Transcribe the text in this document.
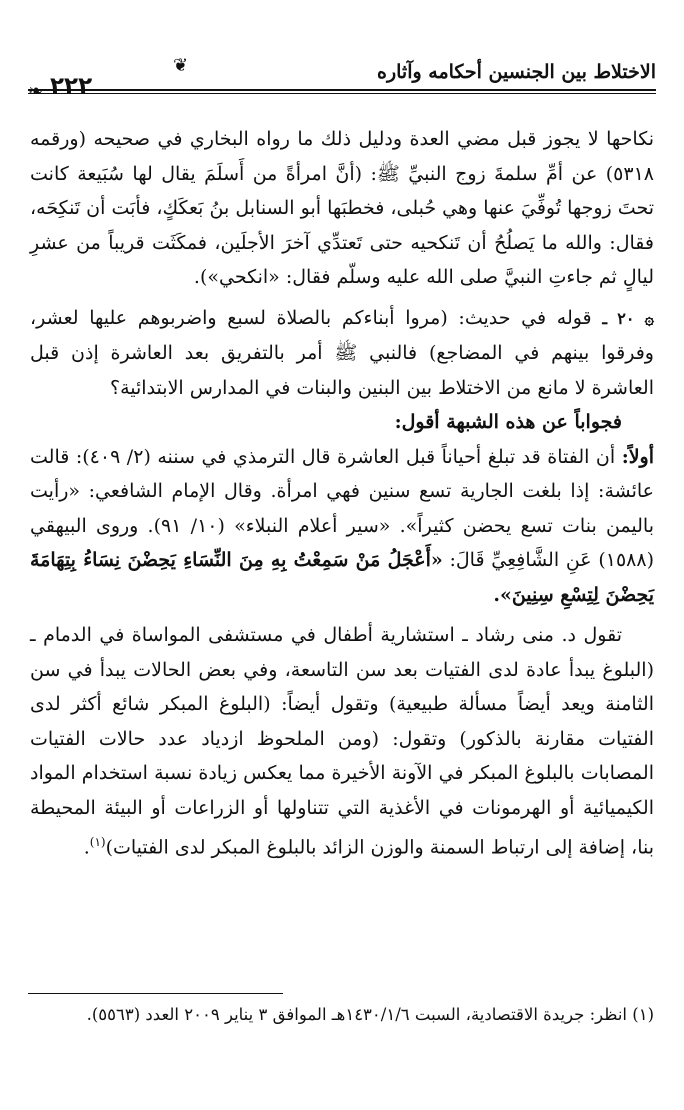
الاختلاط بين الجنسين أحكامه وآثاره
❦
٢٢٢
❧

نكاحها لا يجوز قبل مضي العدة ودليل ذلك ما رواه البخاري في صحيحه (ورقمه ٥٣١٨) عن أمِّ سلمةَ زوج النبيِّ ﷺ: (أنَّ امرأةً من أَسلَمَ يقال لها سُبَيعة كانت تحتَ زوجها تُوفِّيَ عنها وهي حُبلى، فخطبَها أبو السنابل بنُ بَعكَكٍ، فأبَت أن تَنكِحَه، فقال: والله ما يَصلُحُ أن تَنكحيه حتى تَعتدِّي آخرَ الأجلَين، فمكَثَت قريباً من عشرِ ليالٍ ثم جاءتِ النبيَّ صلى الله عليه وسلّم فقال: «انكحي»).

۞ ٢٠ ـ قوله في حديث: (مروا أبناءكم بالصلاة لسبع واضربوهم عليها لعشر، وفرقوا بينهم في المضاجع) فالنبي ﷺ أمر بالتفريق بعد العاشرة إذن قبل العاشرة لا مانع من الاختلاط بين البنين والبنات في المدارس الابتدائية؟

فجواباً عن هذه الشبهة أقول:

أولاً: أن الفتاة قد تبلغ أحياناً قبل العاشرة قال الترمذي في سننه (٢/ ٤٠٩): قالت عائشة: إذا بلغت الجارية تسع سنين فهي امرأة. وقال الإمام الشافعي: «رأيت باليمن بنات تسع يحضن كثيراً». «سير أعلام النبلاء» (١٠/ ٩١). وروى البيهقي (١٥٨٨) عَنِ الشَّافِعِيِّ قَالَ: «أَعْجَلُ مَنْ سَمِعْتُ بِهِ مِنَ النِّسَاءِ يَحِضْنَ نِسَاءُ بِتِهَامَةَ يَحِضْنَ لِتِسْعِ سِنِينَ».

تقول د. منى رشاد ـ استشارية أطفال في مستشفى المواساة في الدمام ـ (البلوغ يبدأ عادة لدى الفتيات بعد سن التاسعة، وفي بعض الحالات يبدأ في سن الثامنة ويعد أيضاً مسألة طبيعية) وتقول أيضاً: (البلوغ المبكر شائع أكثر لدى الفتيات مقارنة بالذكور) وتقول: (ومن الملحوظ ازدياد عدد حالات الفتيات المصابات بالبلوغ المبكر في الآونة الأخيرة مما يعكس زيادة نسبة استخدام المواد الكيميائية أو الهرمونات في الأغذية التي تتناولها أو الزراعات أو البيئة المحيطة بنا، إضافة إلى ارتباط السمنة والوزن الزائد بالبلوغ المبكر لدى الفتيات)$^{(١)}$.

(١) انظر: جريدة الاقتصادية، السبت ١٤٣٠/١/٦هـ الموافق ٣ يناير ٢٠٠٩ العدد (٥٥٦٣).
